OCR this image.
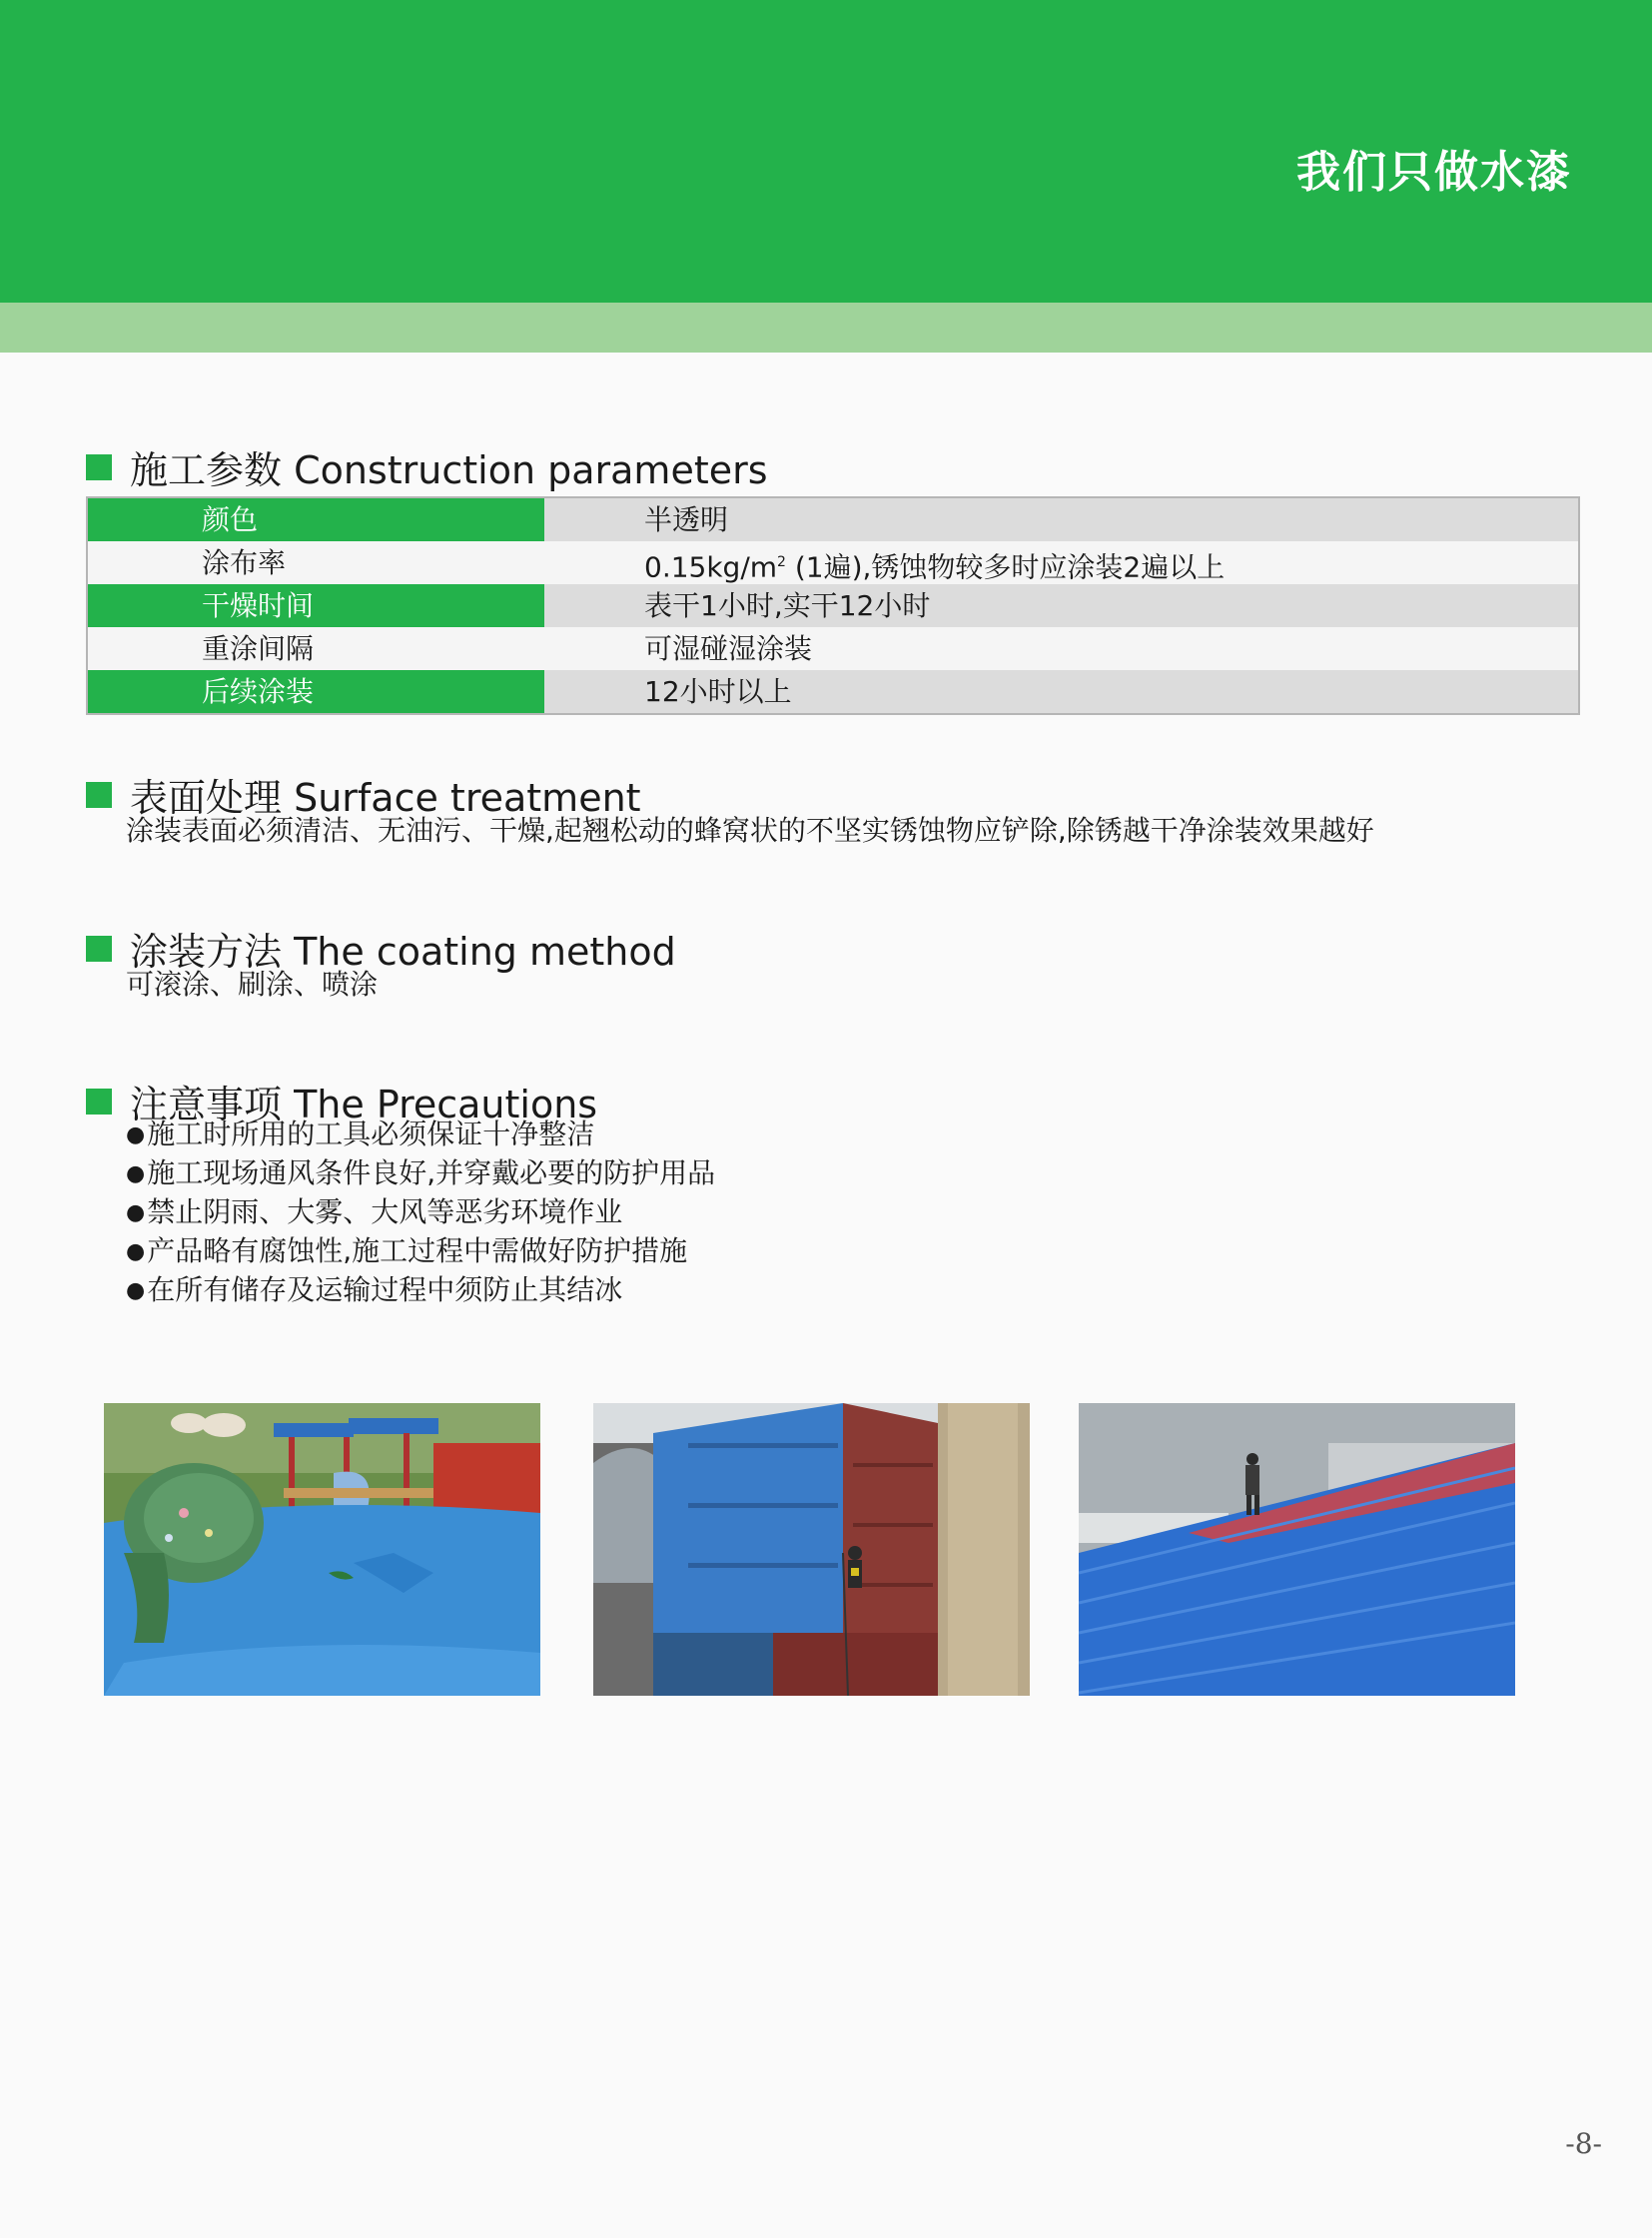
我们只做水漆
施工参数 Construction parameters
颜色	半透明
涂布率	$0.15kg/m^2$ (1遍),锈蚀物较多时应涂装2遍以上
干燥时间	表干1小时,实干12小时
重涂间隔	可湿碰湿涂装
后续涂装	12小时以上
表面处理 Surface treatment
涂装表面必须清洁、无油污、干燥,起翘松动的蜂窝状的不坚实锈蚀物应铲除,除锈越干净涂装效果越好
涂装方法 The coating method
可滚涂、刷涂、喷涂
注意事项 The Precautions
●施工时所用的工具必须保证十净整洁
●施工现场通风条件良好,并穿戴必要的防护用品
●禁止阴雨、大雾、大风等恶劣环境作业
●产品略有腐蚀性,施工过程中需做好防护措施
●在所有储存及运输过程中须防止其结冰
-8-
